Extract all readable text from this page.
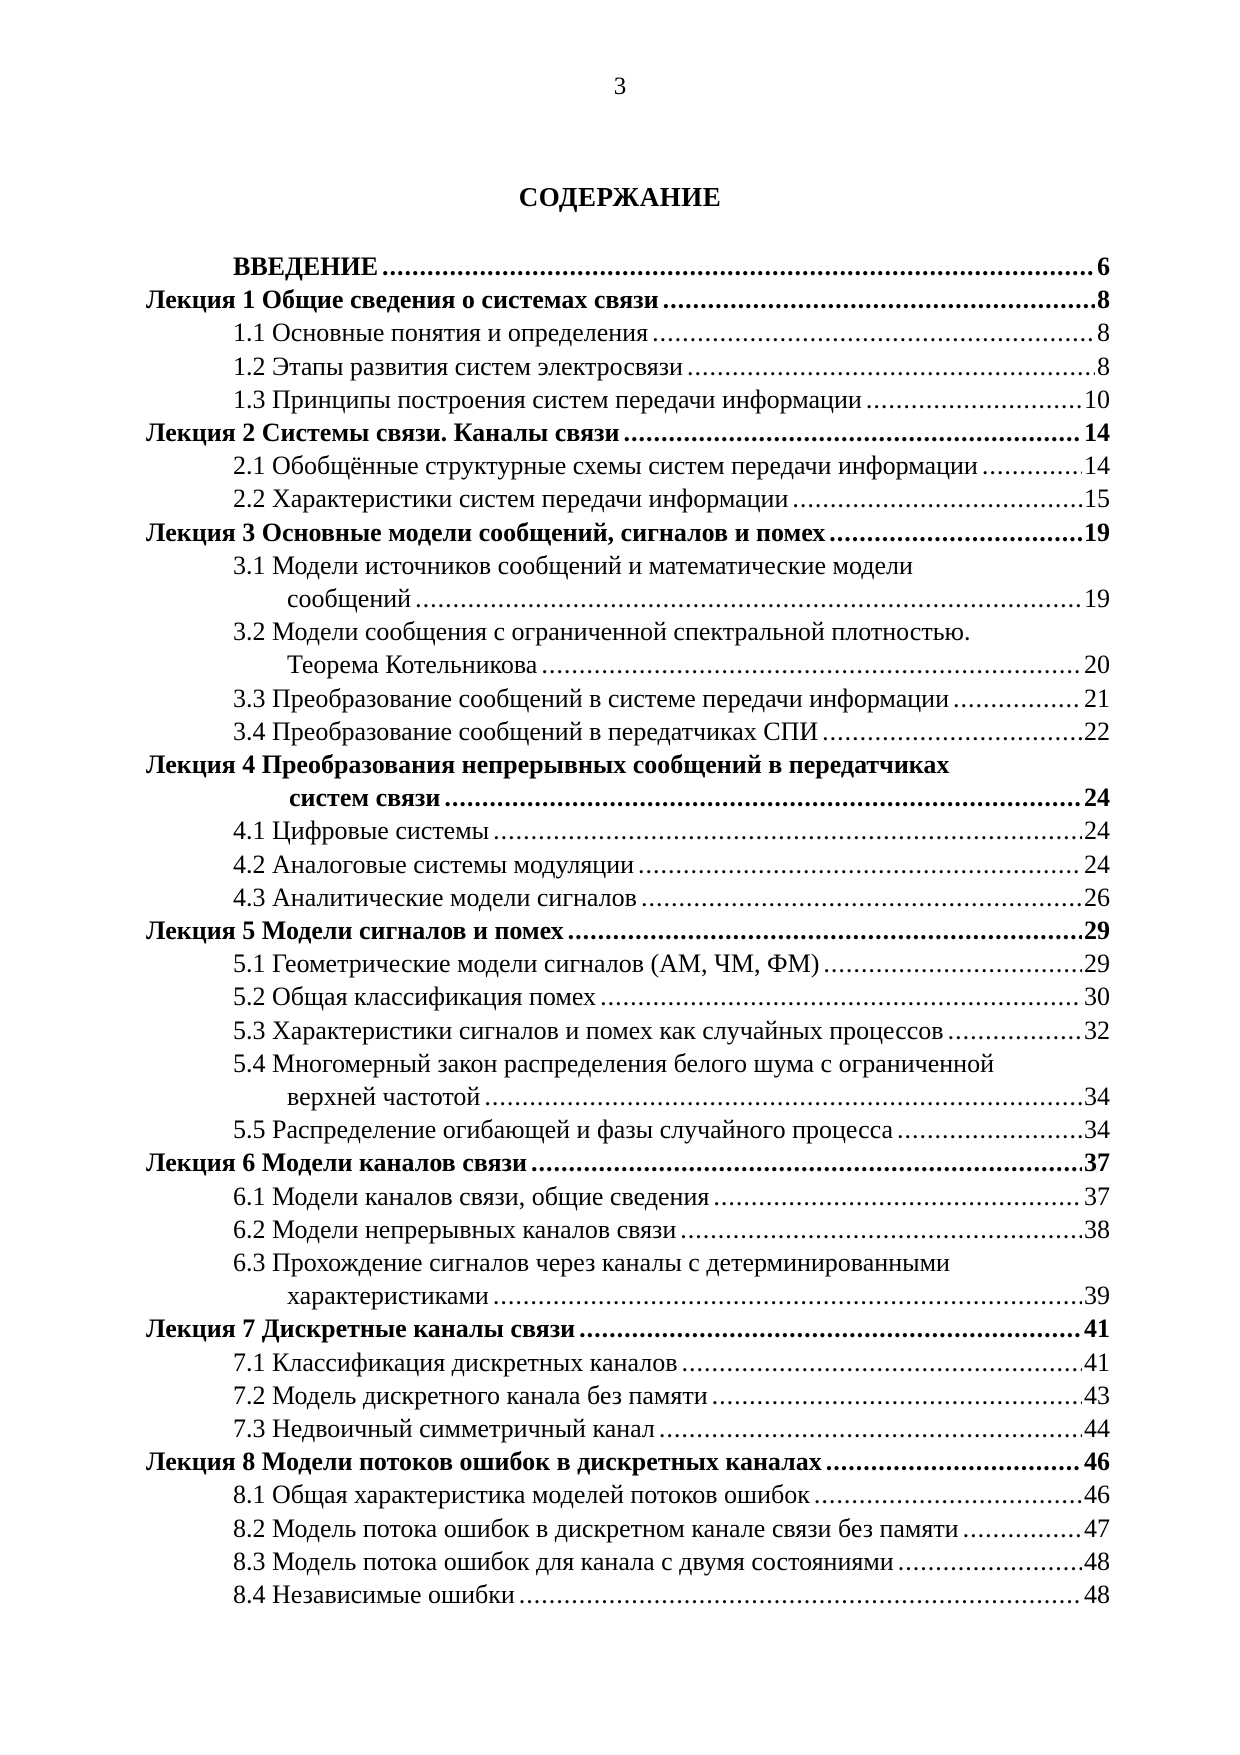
3
СОДЕРЖАНИЕ
ВВЕДЕНИЕ .....	6
Лекция 1 Общие сведения о системах связи .....	8
1.1 Основные понятия и определения .....	8
1.2 Этапы развития систем электросвязи .....	8
1.3 Принципы построения систем передачи информации .....	10
Лекция 2 Системы связи. Каналы связи .....	14
2.1 Обобщённые структурные схемы систем передачи информации .....	14
2.2 Характеристики систем передачи информации .....	15
Лекция 3 Основные модели сообщений, сигналов и помех .....	19
3.1 Модели источников сообщений и математические модели
сообщений .....	19
3.2 Модели сообщения с ограниченной спектральной плотностью.
Теорема Котельникова .....	20
3.3 Преобразование сообщений в системе передачи информации .....	21
3.4 Преобразование сообщений в передатчиках СПИ .....	22
Лекция 4 Преобразования непрерывных сообщений в передатчиках
систем связи .....	24
4.1 Цифровые системы .....	24
4.2 Аналоговые системы модуляции .....	24
4.3 Аналитические модели сигналов .....	26
Лекция 5 Модели сигналов и помех .....	29
5.1 Геометрические модели сигналов (АМ, ЧМ, ФМ) .....	29
5.2 Общая классификация помех .....	30
5.3 Характеристики сигналов и помех как случайных процессов .....	32
5.4 Многомерный закон распределения белого шума с ограниченной
верхней частотой .....	34
5.5 Распределение огибающей и фазы случайного процесса .....	34
Лекция 6 Модели каналов связи .....	37
6.1 Модели каналов связи, общие сведения .....	37
6.2 Модели непрерывных каналов связи .....	38
6.3 Прохождение сигналов через каналы с детерминированными
характеристиками .....	39
Лекция 7 Дискретные каналы связи .....	41
7.1 Классификация дискретных каналов .....	41
7.2 Модель дискретного канала без памяти .....	43
7.3 Недвоичный симметричный канал .....	44
Лекция 8 Модели потоков ошибок в дискретных каналах .....	46
8.1 Общая характеристика моделей потоков ошибок .....	46
8.2 Модель потока ошибок в дискретном канале связи без памяти .....	47
8.3 Модель потока ошибок для канала с двумя состояниями .....	48
8.4 Независимые ошибки .....	48
